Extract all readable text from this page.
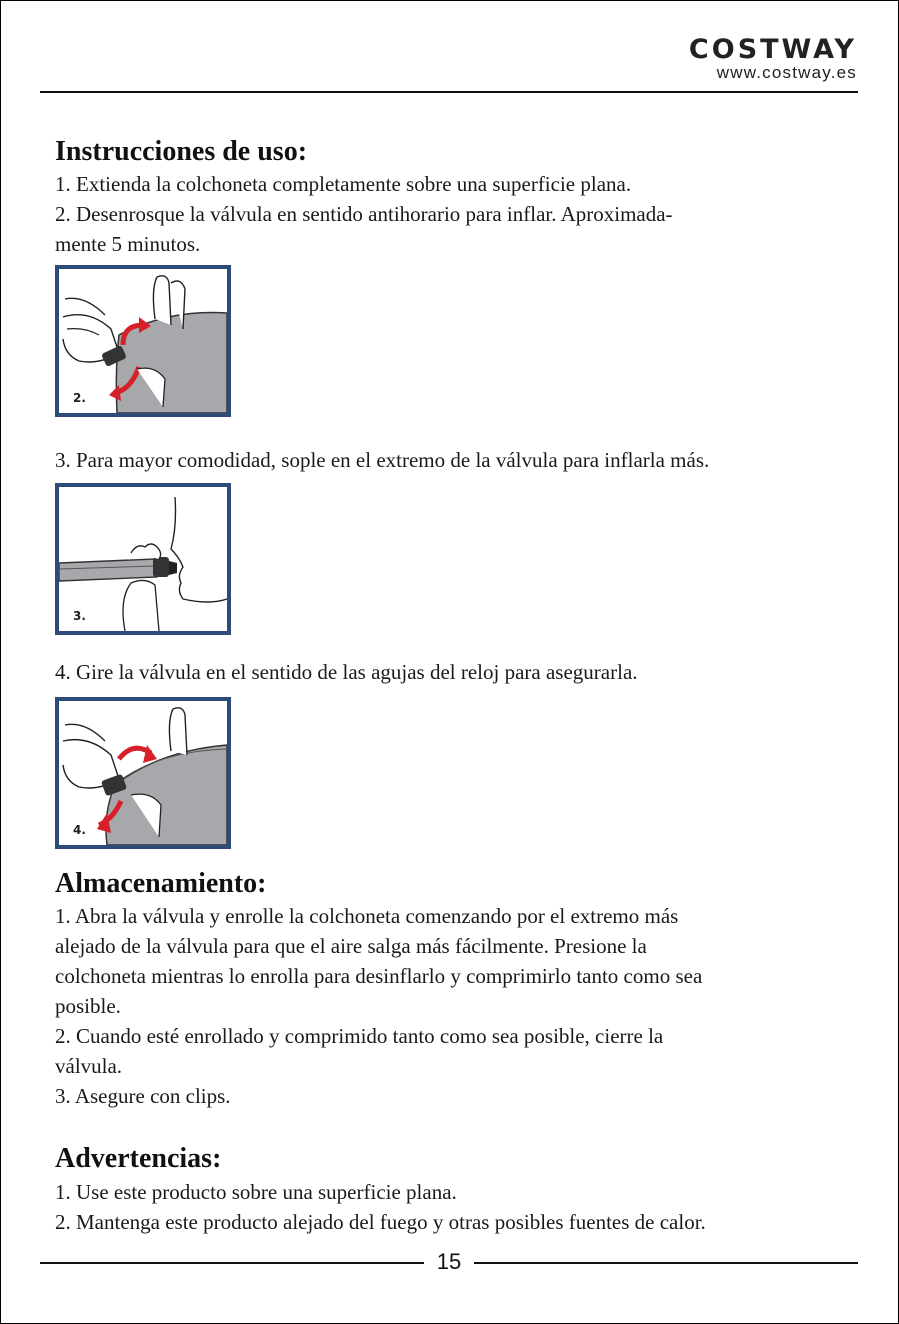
COSTWAY
www.costway.es
Instrucciones de uso:

1. Extienda la colchoneta completamente sobre una superficie plana.

2. Desenrosque la válvula en sentido antihorario para inflar. Aproximada-
mente 5 minutos.

2.

3. Para mayor comodidad, sople en el extremo de la válvula para inflarla más.

3.

4. Gire la válvula en el sentido de las agujas del reloj para asegurarla.

4.
Almacenamiento:

1. Abra la válvula y enrolle la colchoneta comenzando por el extremo más
alejado de la válvula para que el aire salga más fácilmente. Presione la
colchoneta mientras lo enrolla para desinflarlo y comprimirlo tanto como sea
posible.
2. Cuando esté enrollado y comprimido tanto como sea posible, cierre la
válvula.
3. Asegure con clips.

Advertencias:

1. Use este producto sobre una superficie plana.
2. Mantenga este producto alejado del fuego y otras posibles fuentes de calor.

15
